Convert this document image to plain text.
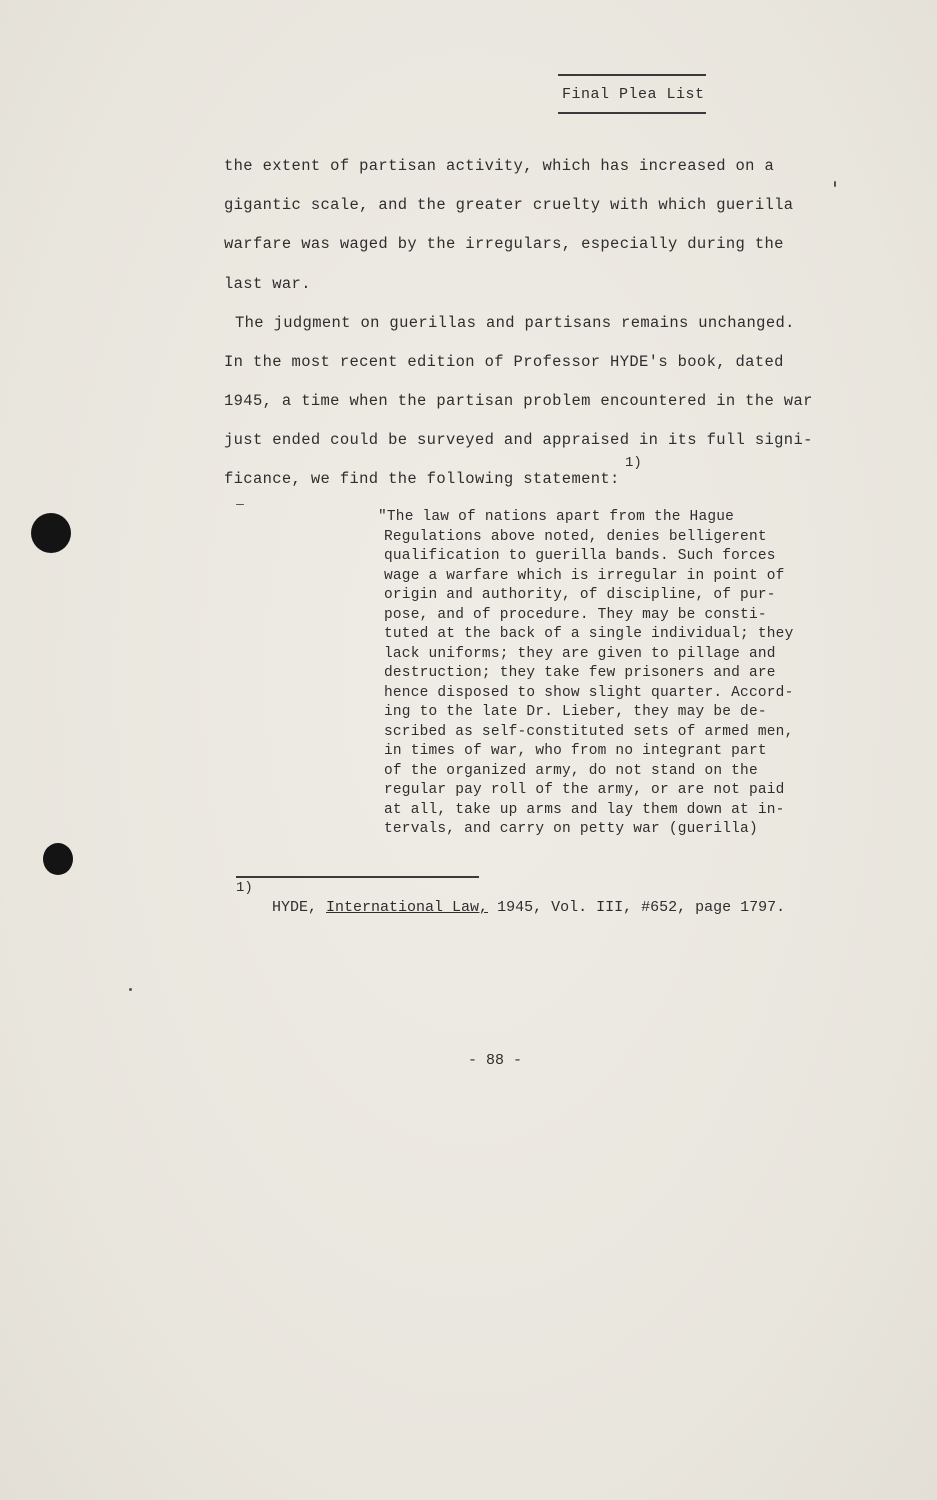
Final Plea List
the extent of partisan activity, which has increased on a
gigantic scale, and the greater cruelty with which guerilla
warfare was waged by the irregulars, especially during the
last war.
The judgment on guerillas and partisans remains unchanged.
In the most recent edition of Professor HYDE's book, dated
1945, a time when the partisan problem encountered in the war
just ended could be surveyed and appraised in its full signi-
ficance, we find the following statement:
1)
"The law of nations apart from the Hague
Regulations above noted, denies belligerent
qualification to guerilla bands. Such forces
wage a warfare which is irregular in point of
origin and authority, of discipline, of pur-
pose, and of procedure. They may be consti-
tuted at the back of a single individual; they
lack uniforms; they are given to pillage and
destruction; they take few prisoners and are
hence disposed to show slight quarter. Accord-
ing to the late Dr. Lieber, they may be de-
scribed as self-constituted sets of armed men,
in times of war, who from no integrant part
of the organized army, do not stand on the
regular pay roll of the army, or are not paid
at all, take up arms and lay them down at in-
tervals, and carry on petty war (guerilla)
1)
HYDE, International Law, 1945, Vol. III, #652, page 1797.
- 88 -
